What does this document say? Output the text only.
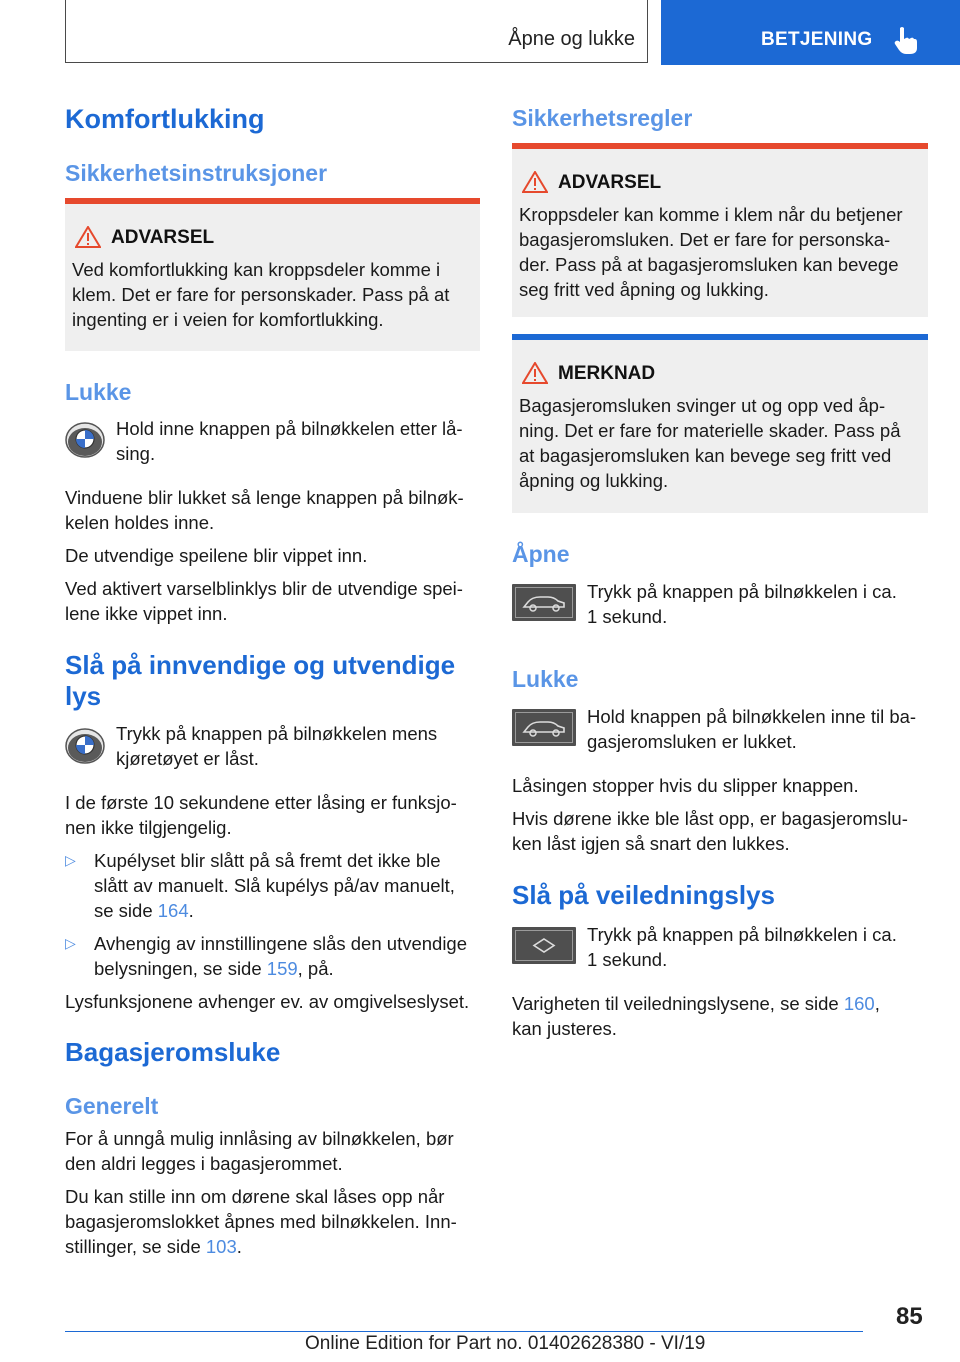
Åpne og lukke	BETJENING
Komfortlukking
Sikkerhetsinstruksjoner
ADVARSEL
Ved komfortlukking kan kroppsdeler komme i
klem. Det er fare for personskader. Pass på at
ingenting er i veien for komfortlukking.
Lukke
Hold inne knappen på bilnøkkelen etter lå-
sing.
Vinduene blir lukket så lenge knappen på bilnøk-
kelen holdes inne.
De utvendige speilene blir vippet inn.
Ved aktivert varselblinklys blir de utvendige spei-
lene ikke vippet inn.
Slå på innvendige og utvendige
lys
Trykk på knappen på bilnøkkelen mens
kjøretøyet er låst.
I de første 10 sekundene etter låsing er funksjo-
nen ikke tilgjengelig.
▷ Kupélyset blir slått på så fremt det ikke ble
slått av manuelt. Slå kupélys på/av manuelt,
se side 164.
▷ Avhengig av innstillingene slås den utvendige
belysningen, se side 159, på.
Lysfunksjonene avhenger ev. av omgivelseslyset.
Bagasjeromsluke
Generelt
For å unngå mulig innlåsing av bilnøkkelen, bør
den aldri legges i bagasjerommet.
Du kan stille inn om dørene skal låses opp når
bagasjeromslokket åpnes med bilnøkkelen. Inn-
stillinger, se side 103.
Sikkerhetsregler
ADVARSEL
Kroppsdeler kan komme i klem når du betjener
bagasjeromsluken. Det er fare for personska-
der. Pass på at bagasjeromsluken kan bevege
seg fritt ved åpning og lukking.
MERKNAD
Bagasjeromsluken svinger ut og opp ved åp-
ning. Det er fare for materielle skader. Pass på
at bagasjeromsluken kan bevege seg fritt ved
åpning og lukking.
Åpne
Trykk på knappen på bilnøkkelen i ca.
1 sekund.
Lukke
Hold knappen på bilnøkkelen inne til ba-
gasjeromsluken er lukket.
Låsingen stopper hvis du slipper knappen.
Hvis dørene ikke ble låst opp, er bagasjeromslu-
ken låst igjen så snart den lukkes.
Slå på veiledningslys
Trykk på knappen på bilnøkkelen i ca.
1 sekund.
Varigheten til veiledningslysene, se side 160,
kan justeres.
85
Online Edition for Part no. 01402628380 - VI/19
